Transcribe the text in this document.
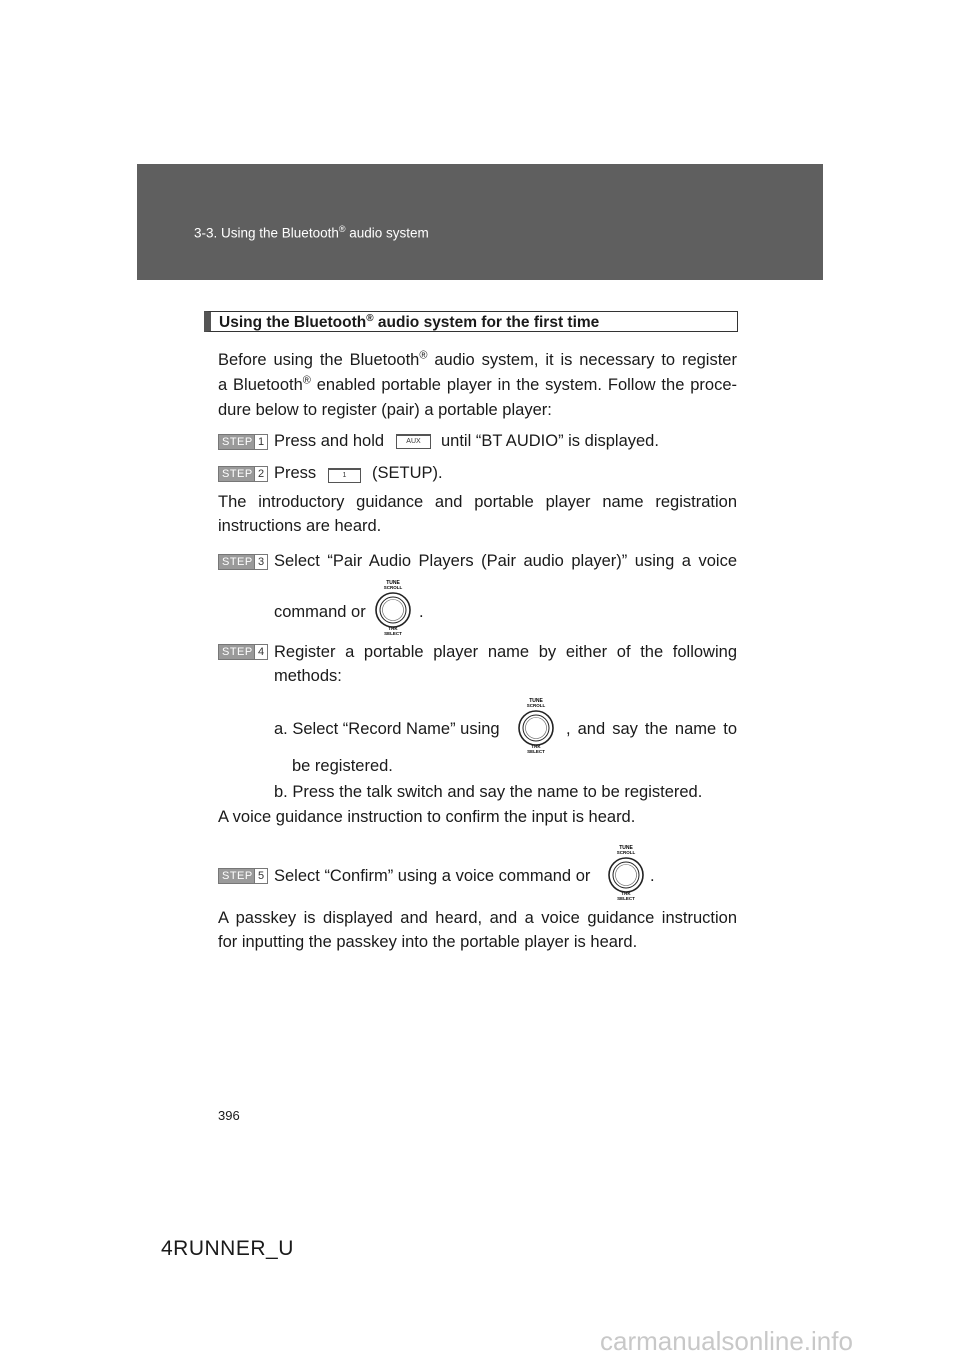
3-3. Using the Bluetooth® audio system
Using the Bluetooth® audio system for the first time
Before using the Bluetooth® audio system, it is necessary to register
a Bluetooth® enabled portable player in the system. Follow the proce-
dure below to register (pair) a portable player:
STEP 1 Press and hold	AUX	until “BT AUDIO” is displayed.
STEP 2 Press	1	(SETUP).
The introductory guidance and portable player name registration
instructions are heard.
STEP 3 Select “Pair Audio Players (Pair audio player)” using a voice
command or
TUNE
SCROLL
TRK
SELECT
.
STEP 4 Register a portable player name by either of the following
methods:
a. Select “Record Name” using
TUNE
SCROLL
TRK
SELECT
, and say the name to
be registered.
b. Press the talk switch and say the name to be registered.
A voice guidance instruction to confirm the input is heard.
STEP 5 Select “Confirm” using a voice command or
TUNE
SCROLL
TRK
SELECT
.
A passkey is displayed and heard, and a voice guidance instruction
for inputting the passkey into the portable player is heard.
396
4RUNNER_U
carmanualsonline.info
